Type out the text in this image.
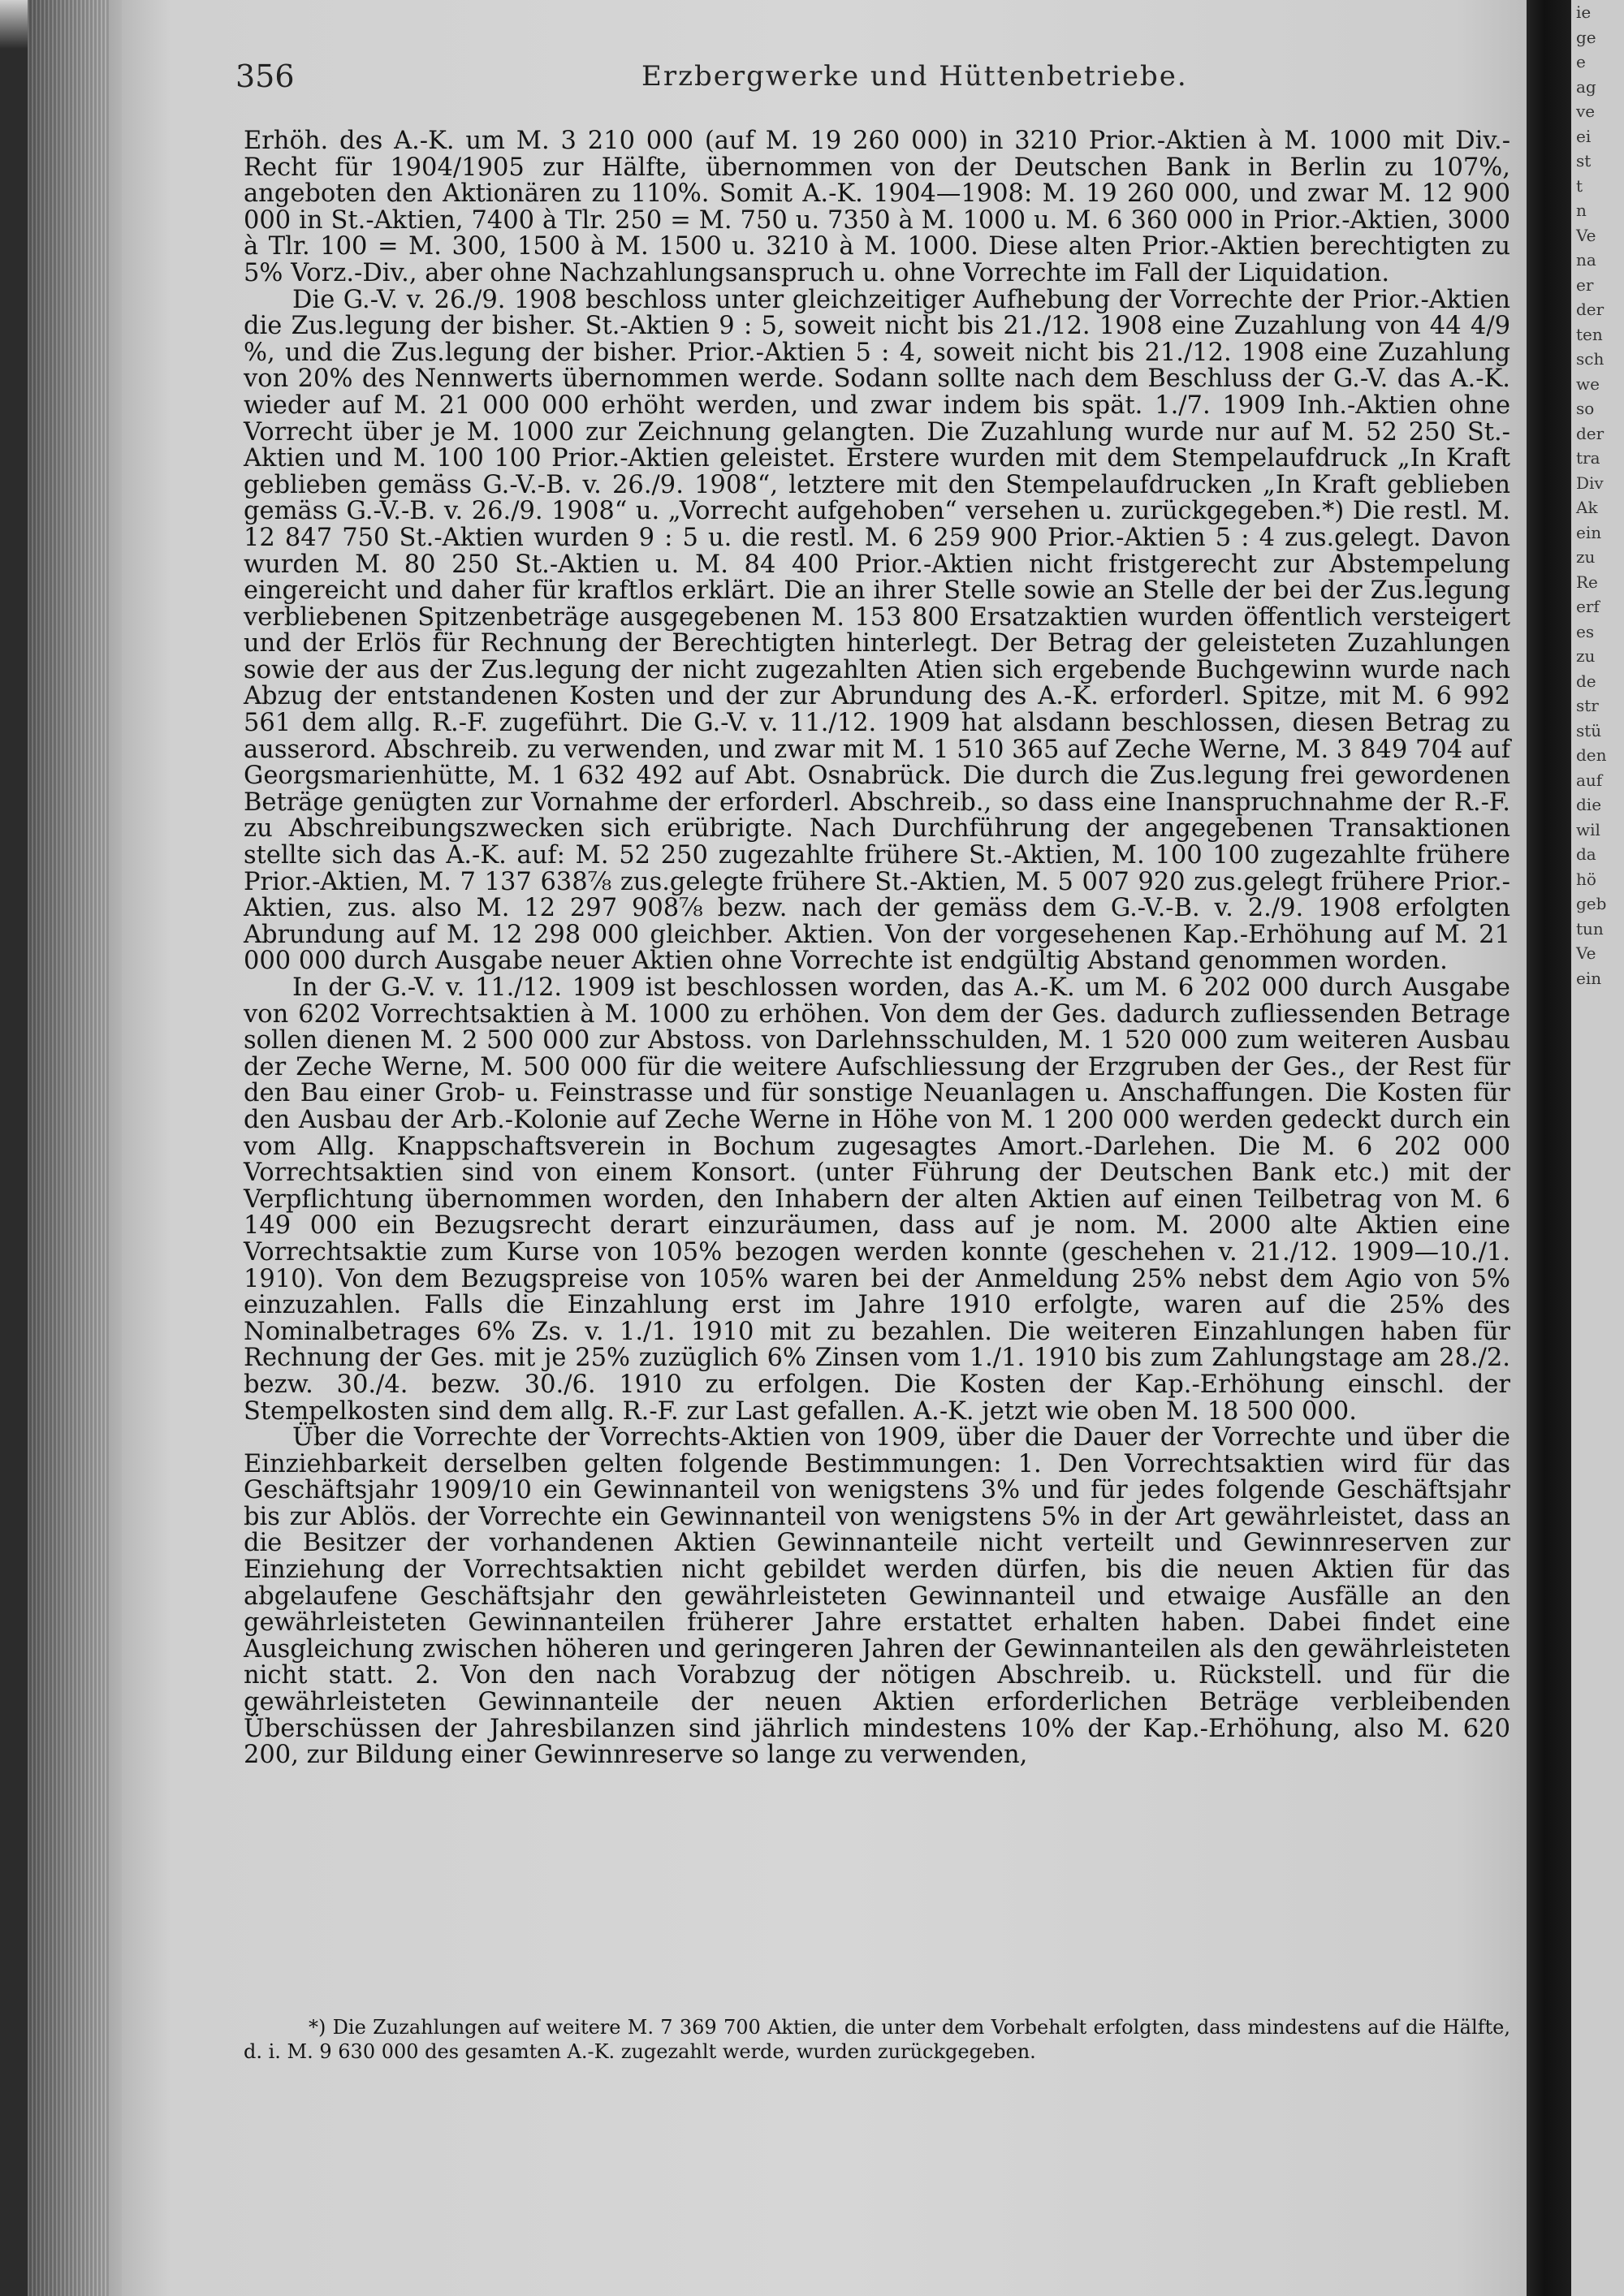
356	Erzbergwerke und Hüttenbetriebe.

Erhöh. des A.-K. um M. 3 210 000 (auf M. 19 260 000) in 3210 Prior.-Aktien à M. 1000 mit Div.-Recht für 1904/1905 zur Hälfte, übernommen von der Deutschen Bank in Berlin zu 107%, angeboten den Aktionären zu 110%. Somit A.-K. 1904—1908: M. 19 260 000, und zwar M. 12 900 000 in St.-Aktien, 7400 à Tlr. 250 = M. 750 u. 7350 à M. 1000 u. M. 6 360 000 in Prior.-Aktien, 3000 à Tlr. 100 = M. 300, 1500 à M. 1500 u. 3210 à M. 1000. Diese alten Prior.-Aktien berechtigten zu 5% Vorz.-Div., aber ohne Nachzahlungsanspruch u. ohne Vorrechte im Fall der Liquidation.

Die G.-V. v. 26./9. 1908 beschloss unter gleichzeitiger Aufhebung der Vorrechte der Prior.-Aktien die Zus.legung der bisher. St.-Aktien 9 : 5, soweit nicht bis 21./12. 1908 eine Zuzahlung von 44 4/9 %, und die Zus.legung der bisher. Prior.-Aktien 5 : 4, soweit nicht bis 21./12. 1908 eine Zuzahlung von 20% des Nennwerts übernommen werde. Sodann sollte nach dem Beschluss der G.-V. das A.-K. wieder auf M. 21 000 000 erhöht werden, und zwar indem bis spät. 1./7. 1909 Inh.-Aktien ohne Vorrecht über je M. 1000 zur Zeichnung gelangten. Die Zuzahlung wurde nur auf M. 52 250 St.-Aktien und M. 100 100 Prior.-Aktien geleistet. Erstere wurden mit dem Stempelaufdruck „In Kraft geblieben gemäss G.-V.-B. v. 26./9. 1908“, letztere mit den Stempelaufdrucken „In Kraft geblieben gemäss G.-V.-B. v. 26./9. 1908“ u. „Vorrecht aufgehoben“ versehen u. zurückgegeben.*) Die restl. M. 12 847 750 St.-Aktien wurden 9 : 5 u. die restl. M. 6 259 900 Prior.-Aktien 5 : 4 zus.gelegt. Davon wurden M. 80 250 St.-Aktien u. M. 84 400 Prior.-Aktien nicht fristgerecht zur Abstempelung eingereicht und daher für kraftlos erklärt. Die an ihrer Stelle sowie an Stelle der bei der Zus.legung verbliebenen Spitzenbeträge ausgegebenen M. 153 800 Ersatzaktien wurden öffentlich versteigert und der Erlös für Rechnung der Berechtigten hinterlegt. Der Betrag der geleisteten Zuzahlungen sowie der aus der Zus.legung der nicht zugezahlten Atien sich ergebende Buchgewinn wurde nach Abzug der entstandenen Kosten und der zur Abrundung des A.-K. erforderl. Spitze, mit M. 6 992 561 dem allg. R.-F. zugeführt. Die G.-V. v. 11./12. 1909 hat alsdann beschlossen, diesen Betrag zu ausserord. Abschreib. zu verwenden, und zwar mit M. 1 510 365 auf Zeche Werne, M. 3 849 704 auf Georgsmarienhütte, M. 1 632 492 auf Abt. Osnabrück. Die durch die Zus.legung frei gewordenen Beträge genügten zur Vornahme der erforderl. Abschreib., so dass eine Inanspruchnahme der R.-F. zu Abschreibungszwecken sich erübrigte. Nach Durchführung der angegebenen Transaktionen stellte sich das A.-K. auf: M. 52 250 zugezahlte frühere St.-Aktien, M. 100 100 zugezahlte frühere Prior.-Aktien, M. 7 137 638⅞ zus.gelegte frühere St.-Aktien, M. 5 007 920 zus.gelegt frühere Prior.-Aktien, zus. also M. 12 297 908⅞ bezw. nach der gemäss dem G.-V.-B. v. 2./9. 1908 erfolgten Abrundung auf M. 12 298 000 gleichber. Aktien. Von der vorgesehenen Kap.-Erhöhung auf M. 21 000 000 durch Ausgabe neuer Aktien ohne Vorrechte ist endgültig Abstand genommen worden.

In der G.-V. v. 11./12. 1909 ist beschlossen worden, das A.-K. um M. 6 202 000 durch Ausgabe von 6202 Vorrechtsaktien à M. 1000 zu erhöhen. Von dem der Ges. dadurch zufliessenden Betrage sollen dienen M. 2 500 000 zur Abstoss. von Darlehnsschulden, M. 1 520 000 zum weiteren Ausbau der Zeche Werne, M. 500 000 für die weitere Aufschliessung der Erzgruben der Ges., der Rest für den Bau einer Grob- u. Feinstrasse und für sonstige Neuanlagen u. Anschaffungen. Die Kosten für den Ausbau der Arb.-Kolonie auf Zeche Werne in Höhe von M. 1 200 000 werden gedeckt durch ein vom Allg. Knappschaftsverein in Bochum zugesagtes Amort.-Darlehen. Die M. 6 202 000 Vorrechtsaktien sind von einem Konsort. (unter Führung der Deutschen Bank etc.) mit der Verpflichtung übernommen worden, den Inhabern der alten Aktien auf einen Teilbetrag von M. 6 149 000 ein Bezugsrecht derart einzuräumen, dass auf je nom. M. 2000 alte Aktien eine Vorrechtsaktie zum Kurse von 105% bezogen werden konnte (geschehen v. 21./12. 1909—10./1. 1910). Von dem Bezugspreise von 105% waren bei der Anmeldung 25% nebst dem Agio von 5% einzuzahlen. Falls die Einzahlung erst im Jahre 1910 erfolgte, waren auf die 25% des Nominalbetrages 6% Zs. v. 1./1. 1910 mit zu bezahlen. Die weiteren Einzahlungen haben für Rechnung der Ges. mit je 25% zuzüglich 6% Zinsen vom 1./1. 1910 bis zum Zahlungstage am 28./2. bezw. 30./4. bezw. 30./6. 1910 zu erfolgen. Die Kosten der Kap.-Erhöhung einschl. der Stempelkosten sind dem allg. R.-F. zur Last gefallen. A.-K. jetzt wie oben M. 18 500 000.

Über die Vorrechte der Vorrechts-Aktien von 1909, über die Dauer der Vorrechte und über die Einziehbarkeit derselben gelten folgende Bestimmungen: 1. Den Vorrechtsaktien wird für das Geschäftsjahr 1909/10 ein Gewinnanteil von wenigstens 3% und für jedes folgende Geschäftsjahr bis zur Ablös. der Vorrechte ein Gewinnanteil von wenigstens 5% in der Art gewährleistet, dass an die Besitzer der vorhandenen Aktien Gewinnanteile nicht verteilt und Gewinnreserven zur Einziehung der Vorrechtsaktien nicht gebildet werden dürfen, bis die neuen Aktien für das abgelaufene Geschäftsjahr den gewährleisteten Gewinnanteil und etwaige Ausfälle an den gewährleisteten Gewinnanteilen früherer Jahre erstattet erhalten haben. Dabei findet eine Ausgleichung zwischen höheren und geringeren Jahren der Gewinnanteilen als den gewährleisteten nicht statt. 2. Von den nach Vorabzug der nötigen Abschreib. u. Rückstell. und für die gewährleisteten Gewinnanteile der neuen Aktien erforderlichen Beträge verbleibenden Überschüssen der Jahresbilanzen sind jährlich mindestens 10% der Kap.-Erhöhung, also M. 620 200, zur Bildung einer Gewinnreserve so lange zu verwenden,

*) Die Zuzahlungen auf weitere M. 7 369 700 Aktien, die unter dem Vorbehalt erfolgten, dass mindestens auf die Hälfte, d. i. M. 9 630 000 des gesamten A.-K. zugezahlt werde, wurden zurückgegeben.

ie
ge
e
ag
ve
ei
st
t
n
Ve
na
er
der
ten
sch
we
so
der
tra
Div
Ak
ein
zu
Re
erf
es
zu
de
str
stü
den
auf
die
wil
da
hö
geb
tun
Ve
ein
